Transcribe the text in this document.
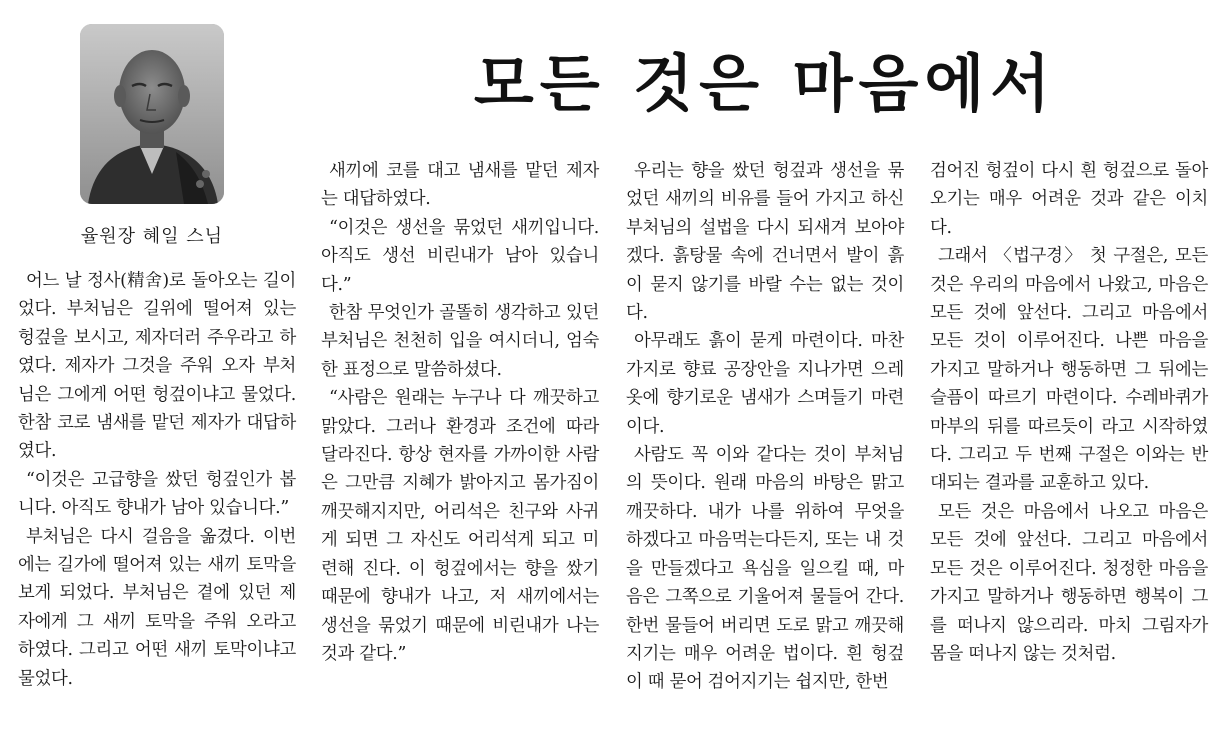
율원장 혜일 스님
모든 것은 마음에서

어느 날 정사(精舍)로 돌아오는 길이었다. 부처님은 길위에 떨어져 있는 헝겊을 보시고, 제자더러 주우라고 하였다. 제자가 그것을 주워 오자 부처님은 그에게 어떤 헝겊이냐고 물었다. 한참 코로 냄새를 맡던 제자가 대답하였다.

“이것은 고급향을 쌌던 헝겊인가 봅니다. 아직도 향내가 남아 있습니다.”

부처님은 다시 걸음을 옮겼다. 이번에는 길가에 떨어져 있는 새끼 토막을 보게 되었다. 부처님은 곁에 있던 제자에게 그 새끼 토막을 주워 오라고 하였다. 그리고 어떤 새끼 토막이냐고 물었다.

새끼에 코를 대고 냄새를 맡던 제자는 대답하였다.

“이것은 생선을 묶었던 새끼입니다. 아직도 생선 비린내가 남아 있습니다.”

한참 무엇인가 골똘히 생각하고 있던 부처님은 천천히 입을 여시더니, 엄숙한 표정으로 말씀하셨다.

“사람은 원래는 누구나 다 깨끗하고 맑았다. 그러나 환경과 조건에 따라 달라진다. 항상 현자를 가까이한 사람은 그만큼 지혜가 밝아지고 몸가짐이 깨끗해지지만, 어리석은 친구와 사귀게 되면 그 자신도 어리석게 되고 미련해 진다. 이 헝겊에서는 향을 쌌기 때문에 향내가 나고, 저 새끼에서는 생선을 묶었기 때문에 비린내가 나는 것과 같다.”

우리는 향을 쌌던 헝겊과 생선을 묶었던 새끼의 비유를 들어 가지고 하신 부처님의 설법을 다시 되새겨 보아야겠다. 흙탕물 속에 건너면서 발이 흙이 묻지 않기를 바랄 수는 없는 것이다.

아무래도 흙이 묻게 마련이다. 마찬가지로 향료 공장안을 지나가면 으레 옷에 향기로운 냄새가 스며들기 마련이다.

사람도 꼭 이와 같다는 것이 부처님의 뜻이다. 원래 마음의 바탕은 맑고 깨끗하다. 내가 나를 위하여 무엇을 하겠다고 마음먹는다든지, 또는 내 것을 만들겠다고 욕심을 일으킬 때, 마음은 그쪽으로 기울어져 물들어 간다. 한번 물들어 버리면 도로 맑고 깨끗해지기는 매우 어려운 법이다. 흰 헝겊이 때 묻어 검어지기는 쉽지만, 한번

검어진 헝겊이 다시 흰 헝겊으로 돌아오기는 매우 어려운 것과 같은 이치다.

그래서 〈법구경〉 첫 구절은, 모든 것은 우리의 마음에서 나왔고, 마음은 모든 것에 앞선다. 그리고 마음에서 모든 것이 이루어진다. 나쁜 마음을 가지고 말하거나 행동하면 그 뒤에는 슬픔이 따르기 마련이다. 수레바퀴가 마부의 뒤를 따르듯이 라고 시작하였다. 그리고 두 번째 구절은 이와는 반대되는 결과를 교훈하고 있다.

모든 것은 마음에서 나오고 마음은 모든 것에 앞선다. 그리고 마음에서 모든 것은 이루어진다. 청정한 마음을 가지고 말하거나 행동하면 행복이 그를 떠나지 않으리라. 마치 그림자가 몸을 떠나지 않는 것처럼.
